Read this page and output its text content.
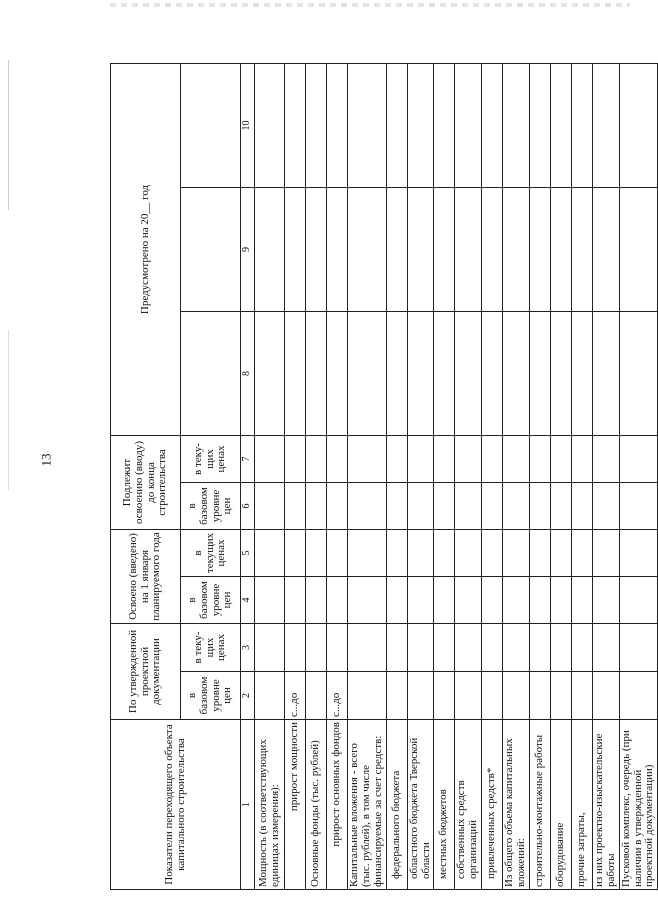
13
Показатели переходящего объекта капитального строительства	По утвержденной проектной документации		Освоено (введено) на 1 января планируемого года		Подлежит освоению (вводу) до конца строительства		Предусмотрено на 20__ год		
	в базовом уровне цен	в теку-щих ценах	в базовом уровне цен	в текущих ценах	в базовом уровне цен	в теку-щих ценах			
1	2	3	4	5	6	7	8	9	10
Мощность (в соответствующих единицах измерения):									
прирост мощности	с...до								
Основные фонды (тыс. рублей)									
прирост основных фондов	с...до								
Капитальные вложения - всего (тыс. рублей), в том числе финансируемые за счет средств:									
федерального бюджета									
областного бюджета Тверской области									
местных бюджетов									
собственных средств организаций									
привлеченных средств*									
Из общего объема капитальных вложений:									
строительно-монтажные работы									
оборудование									
прочие затраты,									
из них проектно-изыскательские работы									
Пусковой комплекс, очередь (при наличии в утвержденной проектной документации)									
